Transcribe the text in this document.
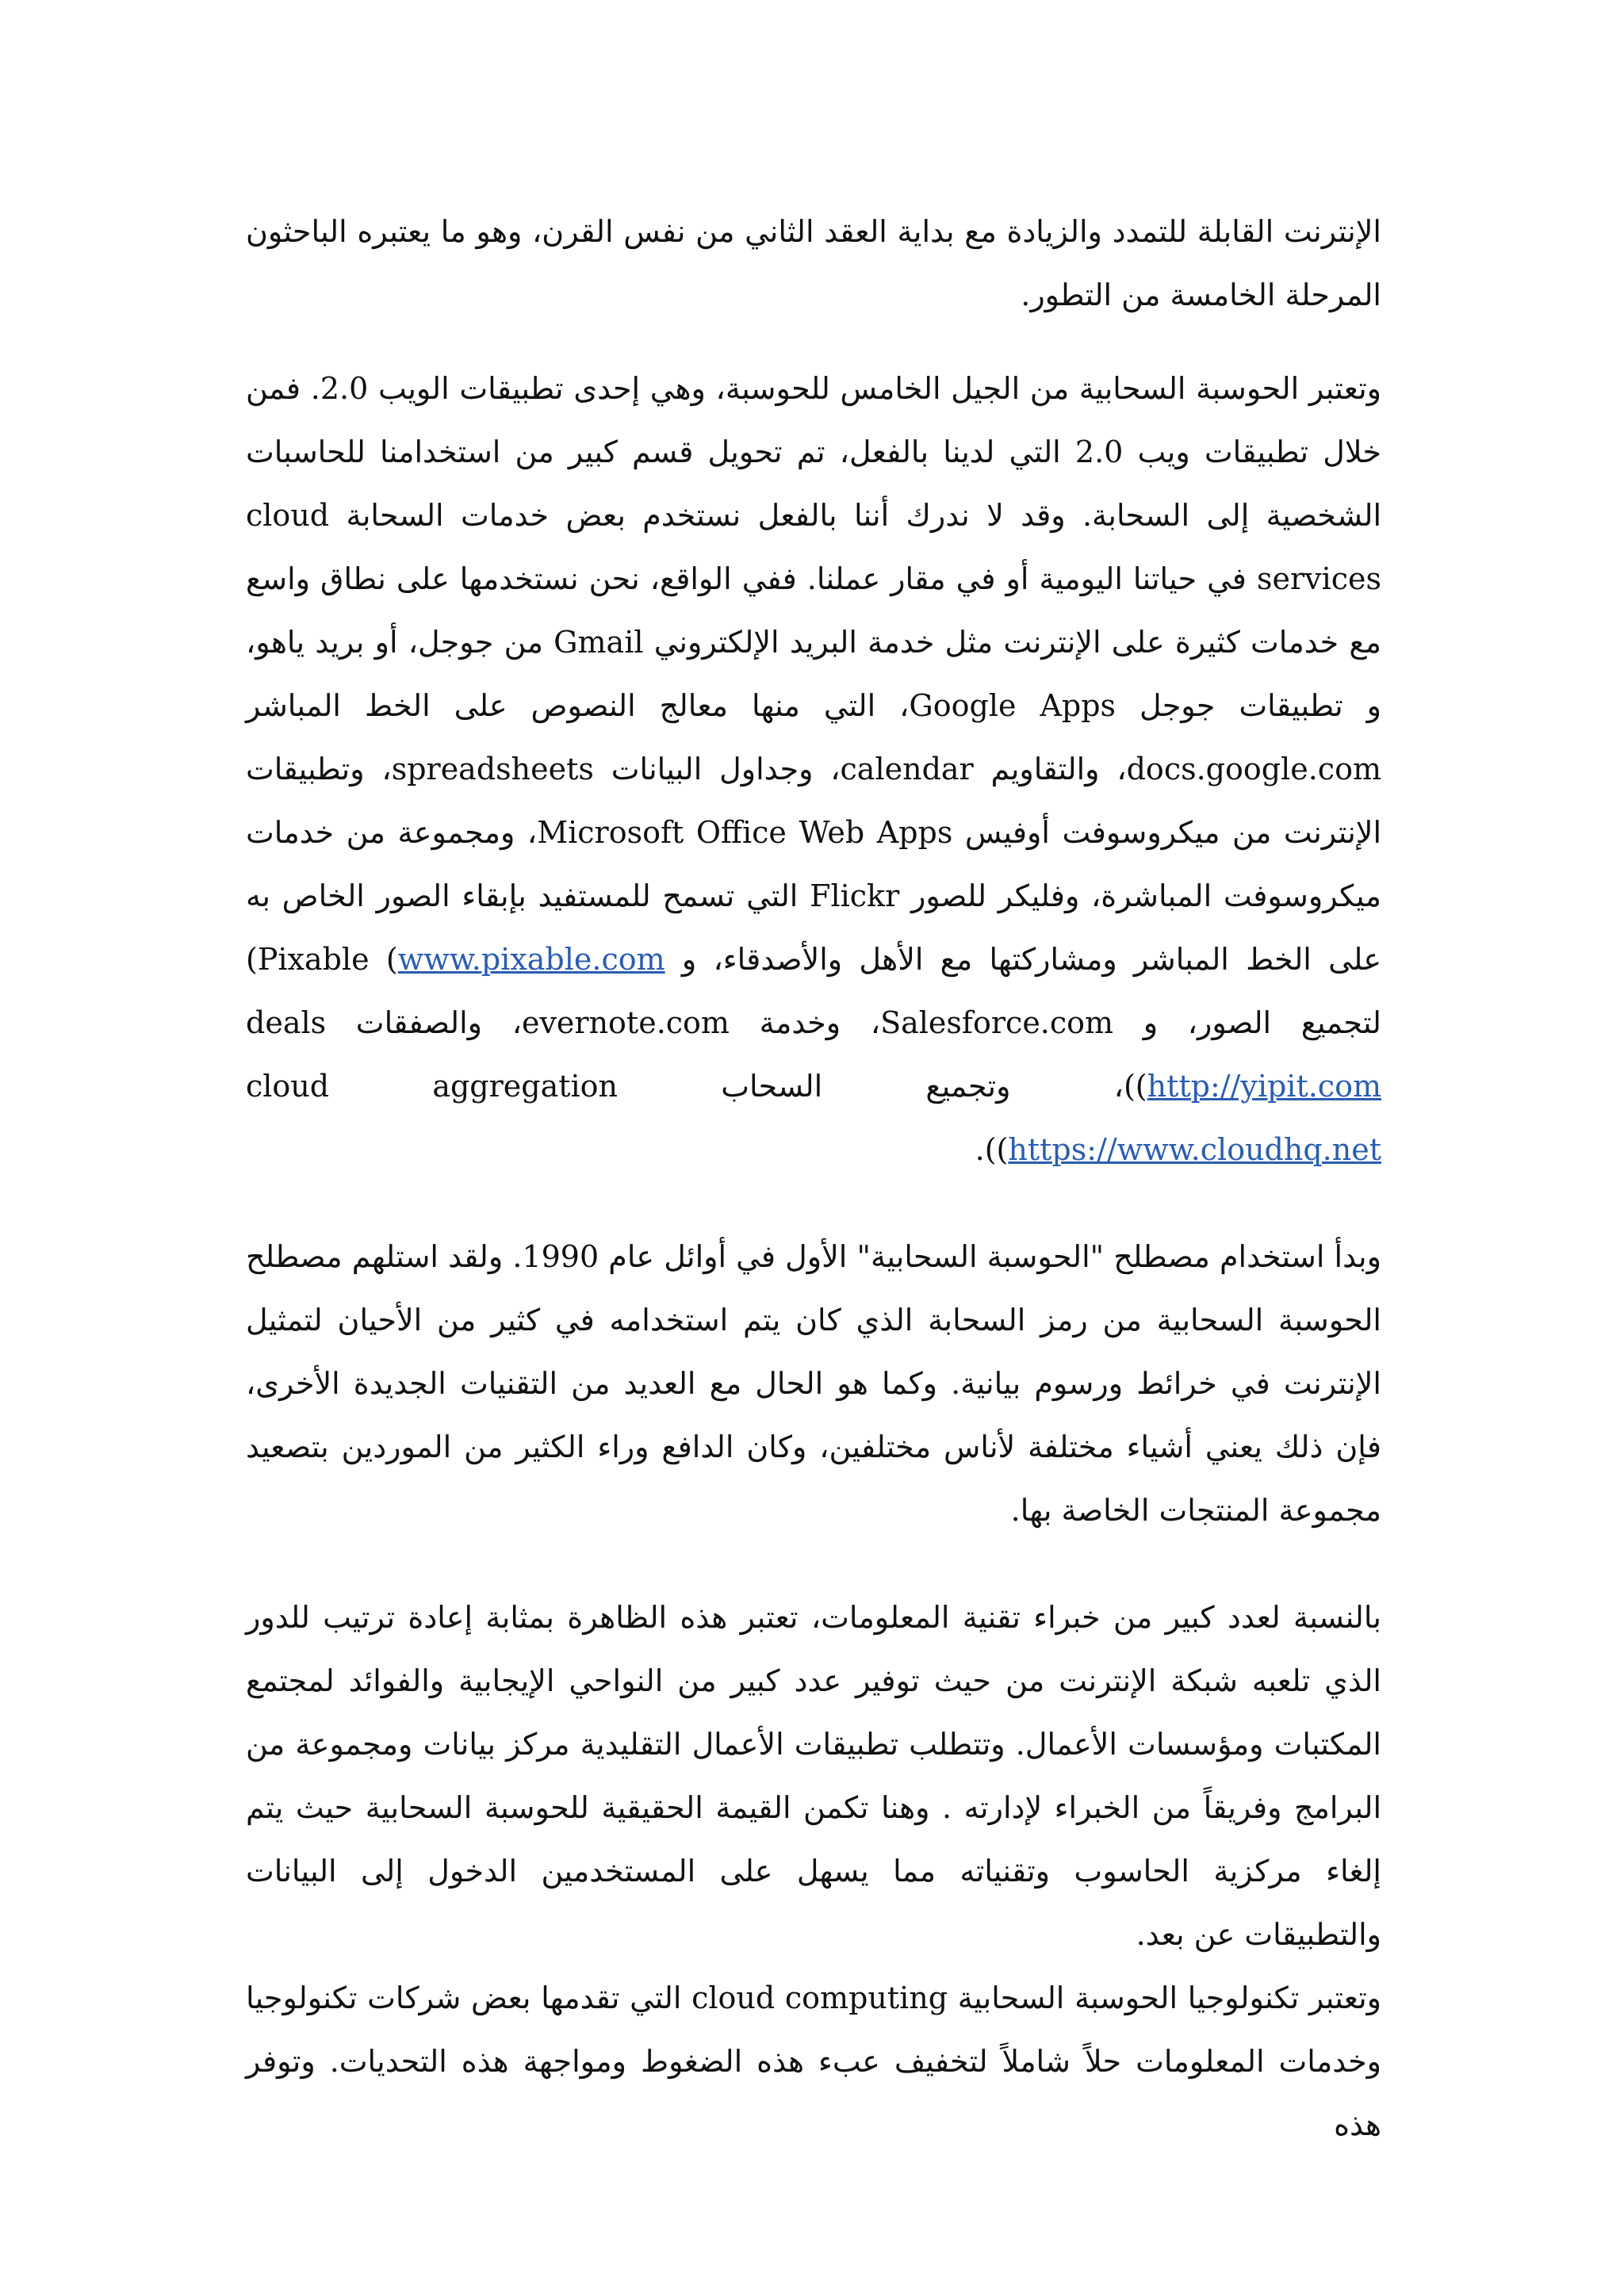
الإنترنت القابلة للتمدد والزيادة مع بداية العقد الثاني من نفس القرن، وهو ما يعتبره الباحثون المرحلة الخامسة من التطور.

وتعتبر الحوسبة السحابية من الجيل الخامس للحوسبة، وهي إحدى تطبيقات الويب 2.0. فمن خلال تطبيقات ويب 2.0 التي لدينا بالفعل، تم تحويل قسم كبير من استخدامنا للحاسبات الشخصية إلى السحابة. وقد لا ندرك أننا بالفعل نستخدم بعض خدمات السحابة cloud services في حياتنا اليومية أو في مقار عملنا. ففي الواقع، نحن نستخدمها على نطاق واسع مع خدمات كثيرة على الإنترنت مثل خدمة البريد الإلكتروني Gmail من جوجل، أو بريد ياهو، و تطبيقات جوجل Google Apps، التي منها معالج النصوص على الخط المباشر docs.google.com، والتقاويم calendar، وجداول البيانات spreadsheets، وتطبيقات الإنترنت من ميكروسوفت أوفيس Microsoft Office Web Apps، ومجموعة من خدمات ميكروسوفت المباشرة، وفليكر للصور Flickr التي تسمح للمستفيد بإبقاء الصور الخاص به على الخط المباشر ومشاركتها مع الأهل والأصدقاء، و Pixable (www.pixable.com) لتجميع الصور، و Salesforce.com، وخدمة evernote.com، والصفقات deals (http://yipit.com)، وتجميع السحاب cloud aggregation (https://www.cloudhq.net).

وبدأ استخدام مصطلح "الحوسبة السحابية" الأول في أوائل عام 1990. ولقد استلهم مصطلح الحوسبة السحابية من رمز السحابة الذي كان يتم استخدامه في كثير من الأحيان لتمثيل الإنترنت في خرائط ورسوم بيانية. وكما هو الحال مع العديد من التقنيات الجديدة الأخرى، فإن ذلك يعني أشياء مختلفة لأناس مختلفين، وكان الدافع وراء الكثير من الموردين بتصعيد مجموعة المنتجات الخاصة بها.

بالنسبة لعدد كبير من خبراء تقنية المعلومات، تعتبر هذه الظاهرة بمثابة إعادة ترتيب للدور الذي تلعبه شبكة الإنترنت من حيث توفير عدد كبير من النواحي الإيجابية والفوائد لمجتمع المكتبات ومؤسسات الأعمال. وتتطلب تطبيقات الأعمال التقليدية مركز بيانات ومجموعة من البرامج وفريقاً من الخبراء لإدارته . وهنا تكمن القيمة الحقيقية للحوسبة السحابية حيث يتم إلغاء مركزية الحاسوب وتقنياته مما يسهل على المستخدمين الدخول إلى البيانات والتطبيقات عن بعد.
وتعتبر تكنولوجيا الحوسبة السحابية cloud computing التي تقدمها بعض شركات تكنولوجيا وخدمات المعلومات حلاً شاملاً لتخفيف عبء هذه الضغوط ومواجهة هذه التحديات. وتوفر هذه
